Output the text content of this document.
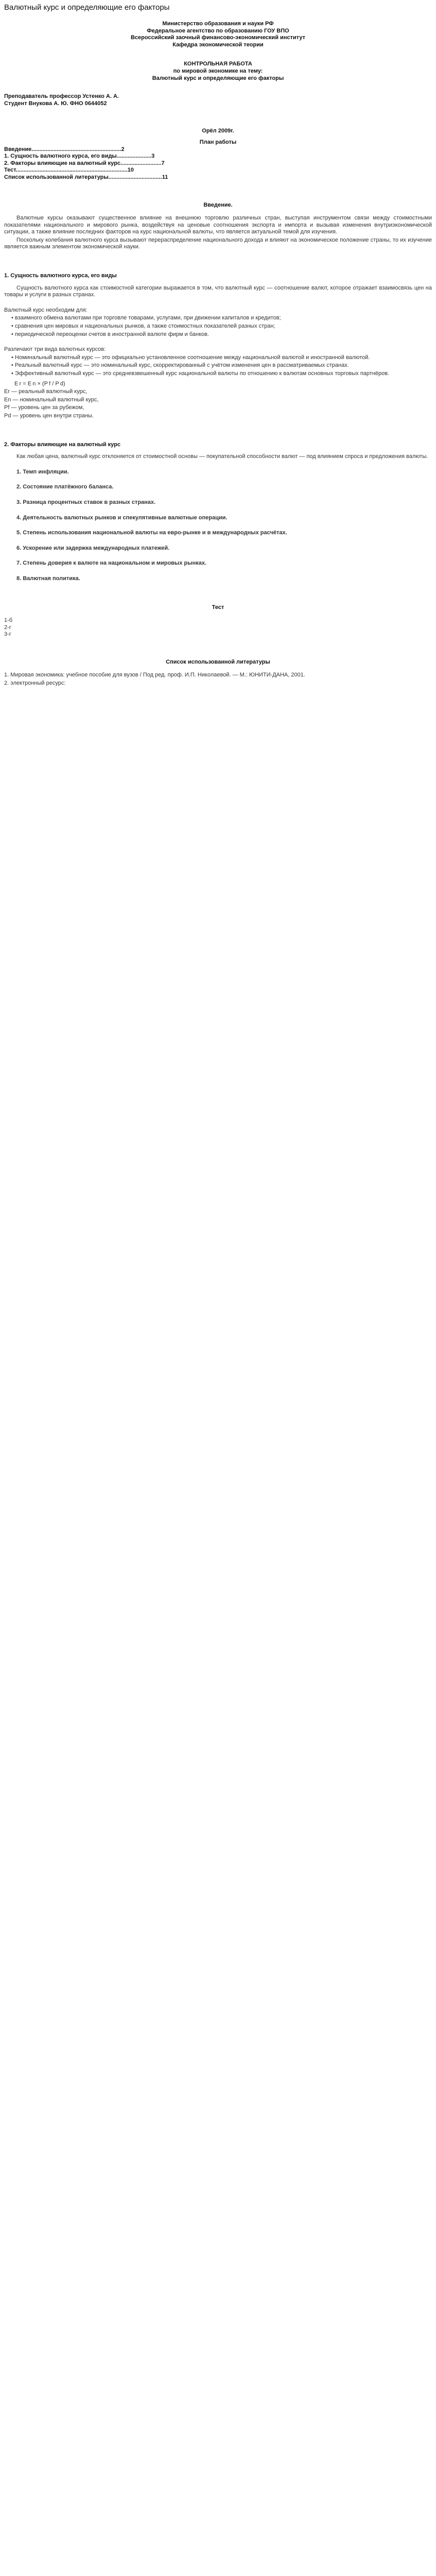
Валютный курс и определяющие его факторы

Министерство образования и науки РФ

Федеральное агентство по образованию ГОУ ВПО

Всероссийский заочный финансово-экономический институт

Кафедра экономической теории

КОНТРОЛЬНАЯ РАБОТА

по мировой экономике на тему:

Валютный курс и определяющие его факторы

Преподаватель профессор Устенко А. А.

Студент Внукова А. Ю. ФНО 0644052

Орёл 2009г.

План работы

Введение.........................................................2

1. Сущность валютного курса, его виды......................3

2. Факторы влияющие на валютный курс..........................7

Тест.......................................................................10

Список использованной литературы..................................11

Введение.

Валютные курсы оказывают существенное влияние на внешнюю торговлю различных стран, выступая инструментом связи между стоимостными показателями национального и мирового рынка, воздействуя на ценовые соотношения экспорта и импорта и вызывая изменения внутриэкономической ситуации, а также влияние последних факторов на курс национальной валюты, что является актуальной темой для изучения.

Поскольку колебания валютного курса вызывают перераспределение национального дохода и влияют на экономическое положение страны, то их изучение является важным элементом экономической науки.

1. Сущность валютного курса, его виды

Сущность валютного курса как стоимостной категории выражается в том, что валютный курс — соотношение валют, которое отражает взаимосвязь цен на товары и услуги в разных странах.

Валютный курс необходим для:

• взаимного обмена валютами при торговле товарами, услугами, при движении капиталов и кредитов;

• сравнения цен мировых и национальных рынков, а также стоимостных показателей разных стран;

• периодической переоценки счетов в иностранной валюте фирм и банков.

Различают три вида валютных курсов:

• Номинальный валютный курс — это официально установленное соотношение между национальной валютой и иностранной валютой.

• Реальный валютный курс — это номинальный курс, скорректированный с учётом изменения цен в рассматриваемых странах.

• Эффективный валютный курс — это средневзвешенный курс национальной валюты по отношению к валютам основных торговых партнёров.

E r = E n × (P f / P d)

Er — реальный валютный курс,

En — номинальный валютный курс,

Pf — уровень цен за рубежом,

Pd — уровень цен внутри страны.

2. Факторы влияющие на валютный курс

Как любая цена, валютный курс отклоняется от стоимостной основы — покупательной способности валют — под влиянием спроса и предложения валюты.

1. Темп инфляции.

2. Состояние платёжного баланса.

3. Разница процентных ставок в разных странах.

4. Деятельность валютных рынков и спекулятивные валютные операции.

5. Степень использования национальной валюты на евро-рынке и в международных расчётах.

6. Ускорение или задержка международных платежей.

7. Степень доверия к валюте на национальном и мировых рынках.

8. Валютная политика.

Тест

1-б

2-г

3-г

Список использованной литературы

1. Мировая экономика: учебное пособие для вузов / Под ред. проф. И.П. Николаевой. — М.: ЮНИТИ-ДАНА, 2001.

2. электронный ресурс:
